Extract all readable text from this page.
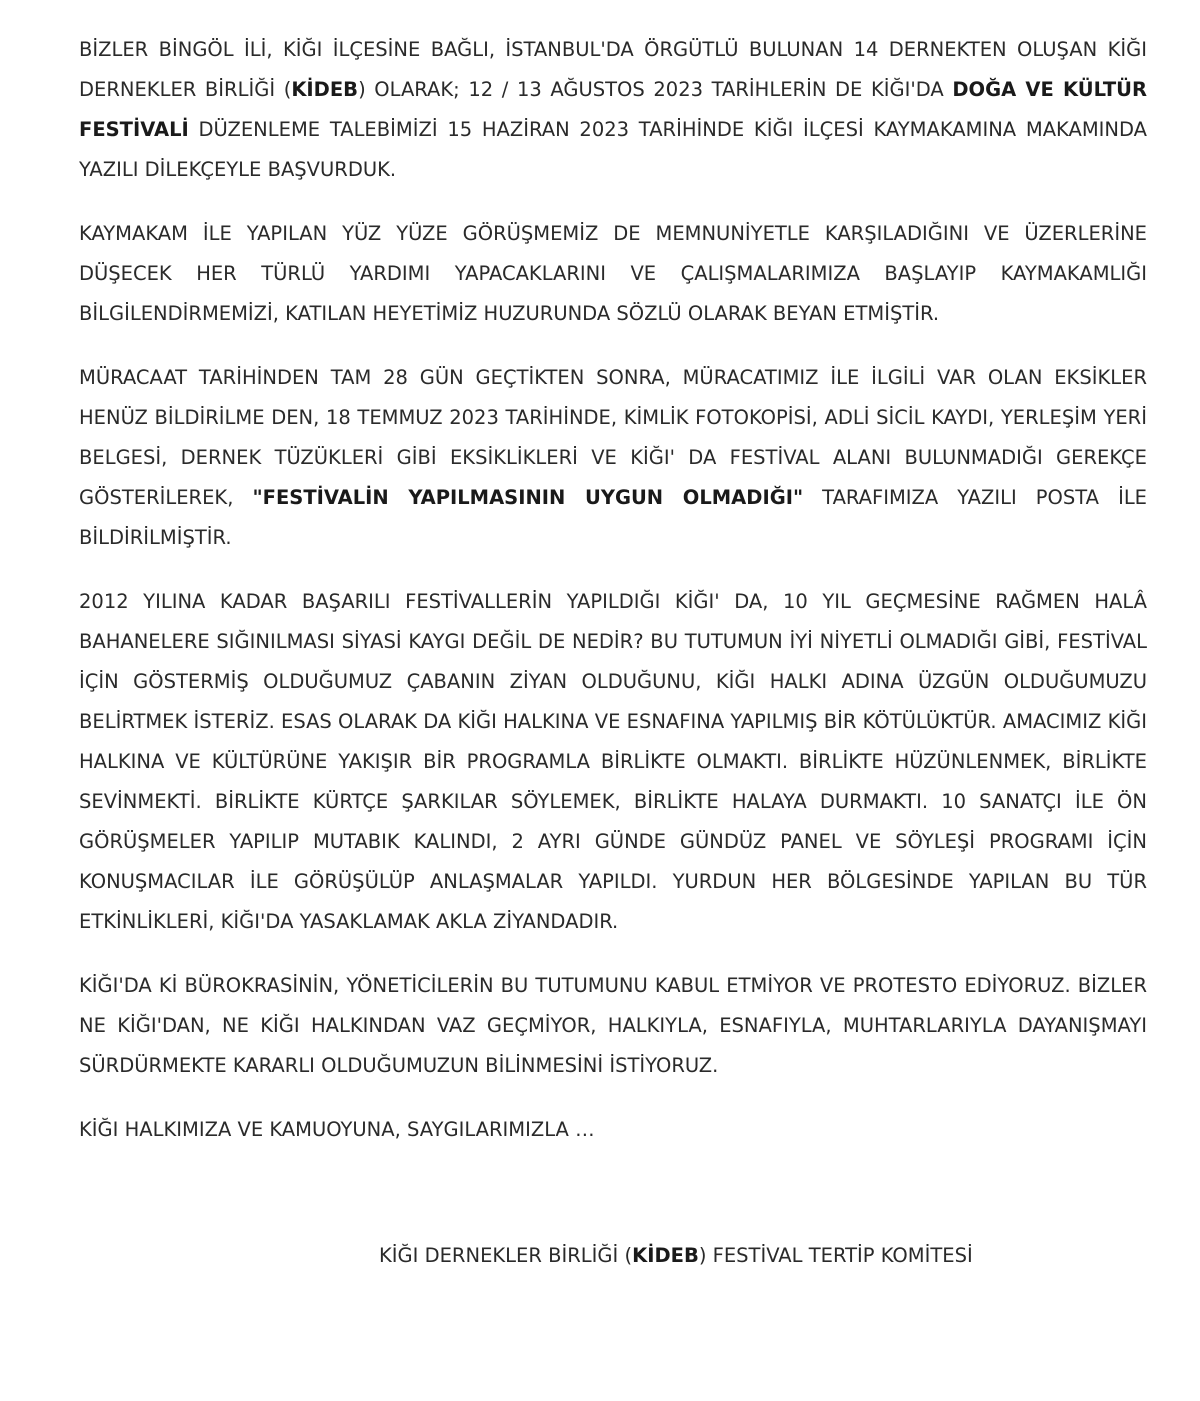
BİZLER BİNGÖL İLİ, KİĞI İLÇESİNE BAĞLI, İSTANBUL'DA ÖRGÜTLÜ BULUNAN 14 DERNEKTEN OLUŞAN KİĞI DERNEKLER BİRLİĞİ (KİDEB) OLARAK; 12 / 13 AĞUSTOS 2023 TARİHLERİN DE KİĞI'DA DOĞA VE KÜLTÜR FESTİVALİ DÜZENLEME TALEBİMİZİ 15 HAZİRAN 2023 TARİHİNDE KİĞI İLÇESİ KAYMAKAMINA MAKAMINDA YAZILI DİLEKÇEYLE BAŞVURDUK.

KAYMAKAM İLE YAPILAN YÜZ YÜZE GÖRÜŞMEMİZ DE MEMNUNİYETLE KARŞILADIĞINI VE ÜZERLERİNE DÜŞECEK HER TÜRLÜ YARDIMI YAPACAKLARINI VE ÇALIŞMALARIMIZA BAŞLAYIP KAYMAKAMLIĞI BİLGİLENDİRMEMİZİ, KATILAN HEYETİMİZ HUZURUNDA SÖZLÜ OLARAK BEYAN ETMİŞTİR.

MÜRACAAT TARİHİNDEN TAM 28 GÜN GEÇTİKTEN SONRA, MÜRACATIMIZ İLE İLGİLİ VAR OLAN EKSİKLER HENÜZ BİLDİRİLME DEN, 18 TEMMUZ 2023 TARİHİNDE, KİMLİK FOTOKOPİSİ, ADLİ SİCİL KAYDI, YERLEŞİM YERİ BELGESİ, DERNEK TÜZÜKLERİ GİBİ EKSİKLİKLERİ VE KİĞI' DA FESTİVAL ALANI BULUNMADIĞI GEREKÇE GÖSTERİLEREK, "FESTİVALİN YAPILMASININ UYGUN OLMADIĞI" TARAFIMIZA YAZILI POSTA İLE BİLDİRİLMİŞTİR.

2012 YILINA KADAR BAŞARILI FESTİVALLERİN YAPILDIĞI KİĞI' DA, 10 YIL GEÇMESİNE RAĞMEN HALÂ BAHANELERE SIĞINILMASI SİYASİ KAYGI DEĞİL DE NEDİR? BU TUTUMUN İYİ NİYETLİ OLMADIĞI GİBİ, FESTİVAL İÇİN GÖSTERMİŞ OLDUĞUMUZ ÇABANIN ZİYAN OLDUĞUNU, KİĞI HALKI ADINA ÜZGÜN OLDUĞUMUZU BELİRTMEK İSTERİZ. ESAS OLARAK DA KİĞI HALKINA VE ESNAFINA YAPILMIŞ BİR KÖTÜLÜKTÜR. AMACIMIZ KİĞI HALKINA VE KÜLTÜRÜNE YAKIŞIR BİR PROGRAMLA BİRLİKTE OLMAKTI. BİRLİKTE HÜZÜNLENMEK, BİRLİKTE SEVİNMEKTİ. BİRLİKTE KÜRTÇE ŞARKILAR SÖYLEMEK, BİRLİKTE HALAYA DURMAKTI. 10 SANATÇI İLE ÖN GÖRÜŞMELER YAPILIP MUTABIK KALINDI, 2 AYRI GÜNDE GÜNDÜZ PANEL VE SÖYLEŞİ PROGRAMI İÇİN KONUŞMACILAR İLE GÖRÜŞÜLÜP ANLAŞMALAR YAPILDI. YURDUN HER BÖLGESİNDE YAPILAN BU TÜR ETKİNLİKLERİ, KİĞI'DA YASAKLAMAK AKLA ZİYANDADIR.

KİĞI'DA Kİ BÜROKRASİNİN, YÖNETİCİLERİN BU TUTUMUNU KABUL ETMİYOR VE PROTESTO EDİYORUZ. BİZLER NE KİĞI'DAN, NE KİĞI HALKINDAN VAZ GEÇMİYOR, HALKIYLA, ESNAFIYLA, MUHTARLARIYLA DAYANIŞMAYI SÜRDÜRMEKTE KARARLI OLDUĞUMUZUN BİLİNMESİNİ İSTİYORUZ.

KİĞI HALKIMIZA VE KAMUOYUNA, SAYGILARIMIZLA …

KİĞI DERNEKLER BİRLİĞİ (KİDEB) FESTİVAL TERTİP KOMİTESİ
